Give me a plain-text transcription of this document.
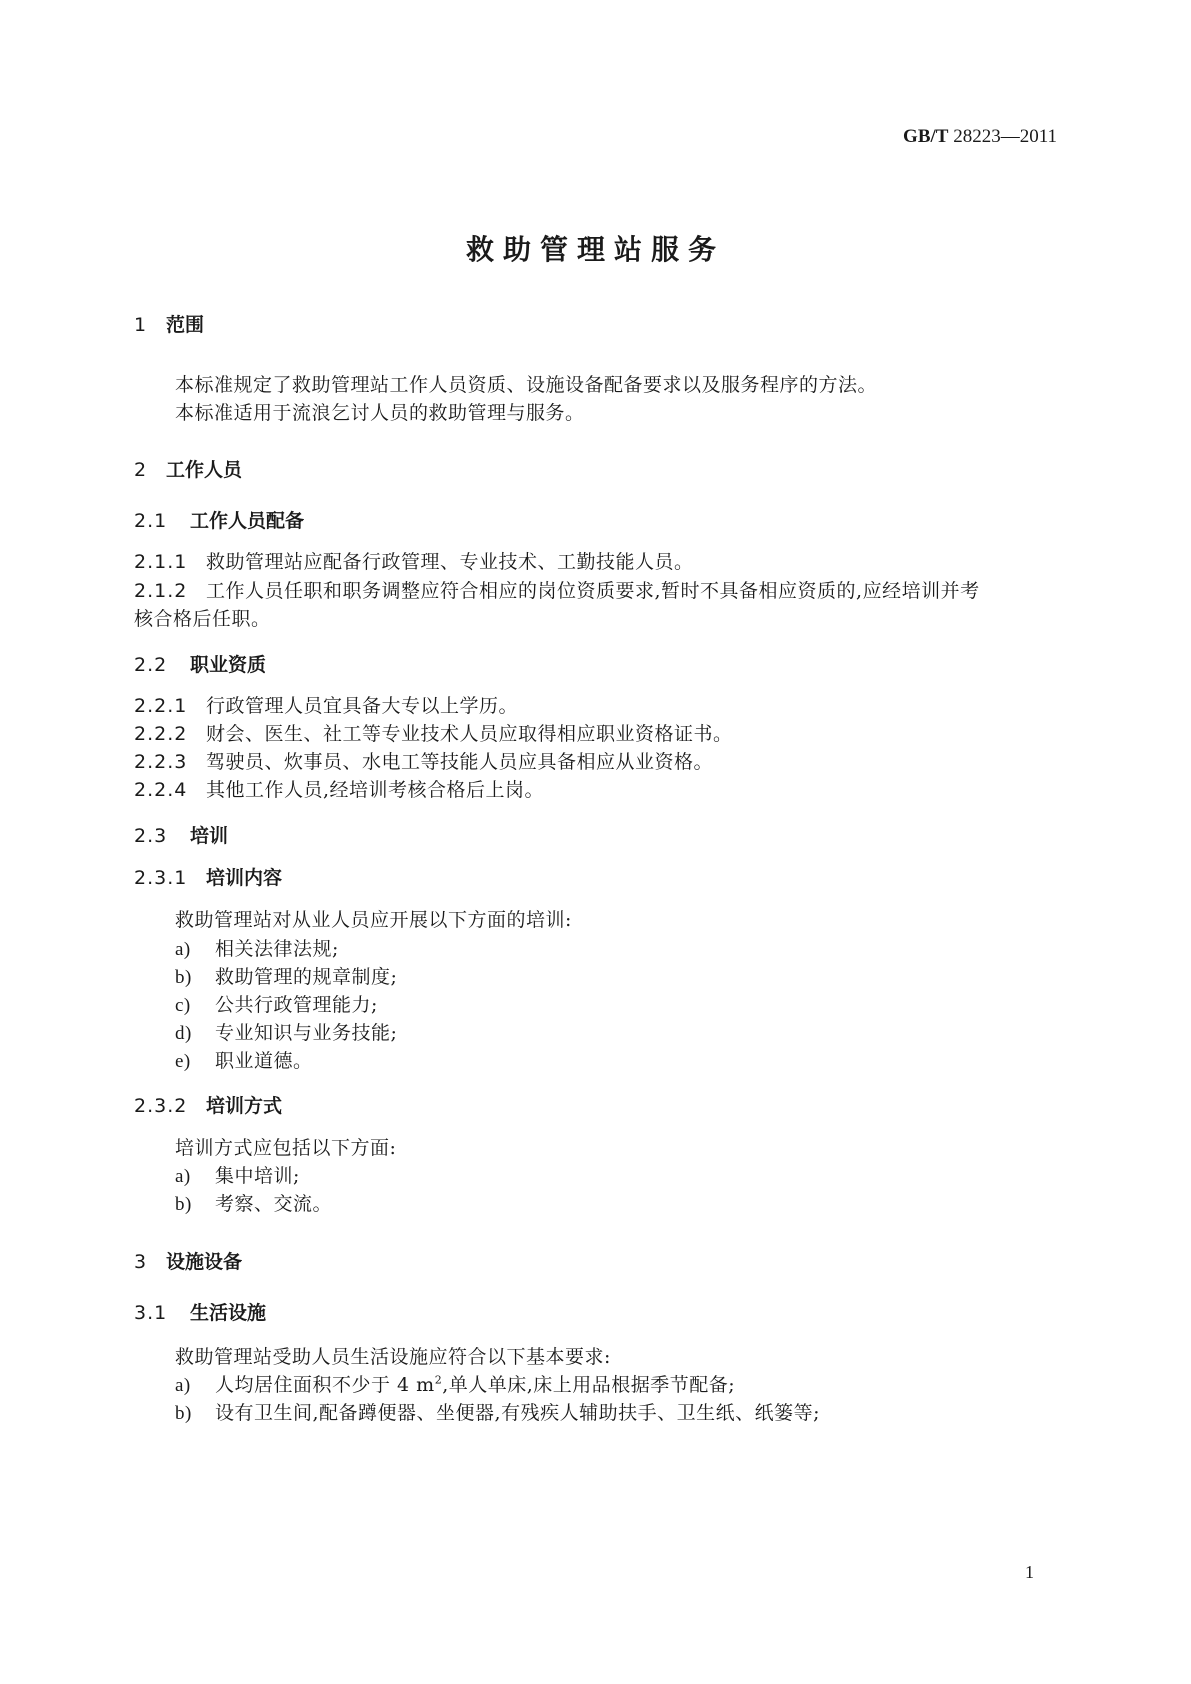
GB/T 28223—2011
救助管理站服务
1 范围
本标准规定了救助管理站工作人员资质、设施设备配备要求以及服务程序的方法。
本标准适用于流浪乞讨人员的救助管理与服务。
2 工作人员
2.1 工作人员配备
2.1.1 救助管理站应配备行政管理、专业技术、工勤技能人员。
2.1.2 工作人员任职和职务调整应符合相应的岗位资质要求,暂时不具备相应资质的,应经培训并考
核合格后任职。
2.2 职业资质
2.2.1 行政管理人员宜具备大专以上学历。
2.2.2 财会、医生、社工等专业技术人员应取得相应职业资格证书。
2.2.3 驾驶员、炊事员、水电工等技能人员应具备相应从业资格。
2.2.4 其他工作人员,经培训考核合格后上岗。
2.3 培训
2.3.1 培训内容
救助管理站对从业人员应开展以下方面的培训:
a) 相关法律法规;
b) 救助管理的规章制度;
c) 公共行政管理能力;
d) 专业知识与业务技能;
e) 职业道德。
2.3.2 培训方式
培训方式应包括以下方面:
a) 集中培训;
b) 考察、交流。
3 设施设备
3.1 生活设施
救助管理站受助人员生活设施应符合以下基本要求:
a) 人均居住面积不少于 4 $m^2$,单人单床,床上用品根据季节配备;
b) 设有卫生间,配备蹲便器、坐便器,有残疾人辅助扶手、卫生纸、纸篓等;
1
